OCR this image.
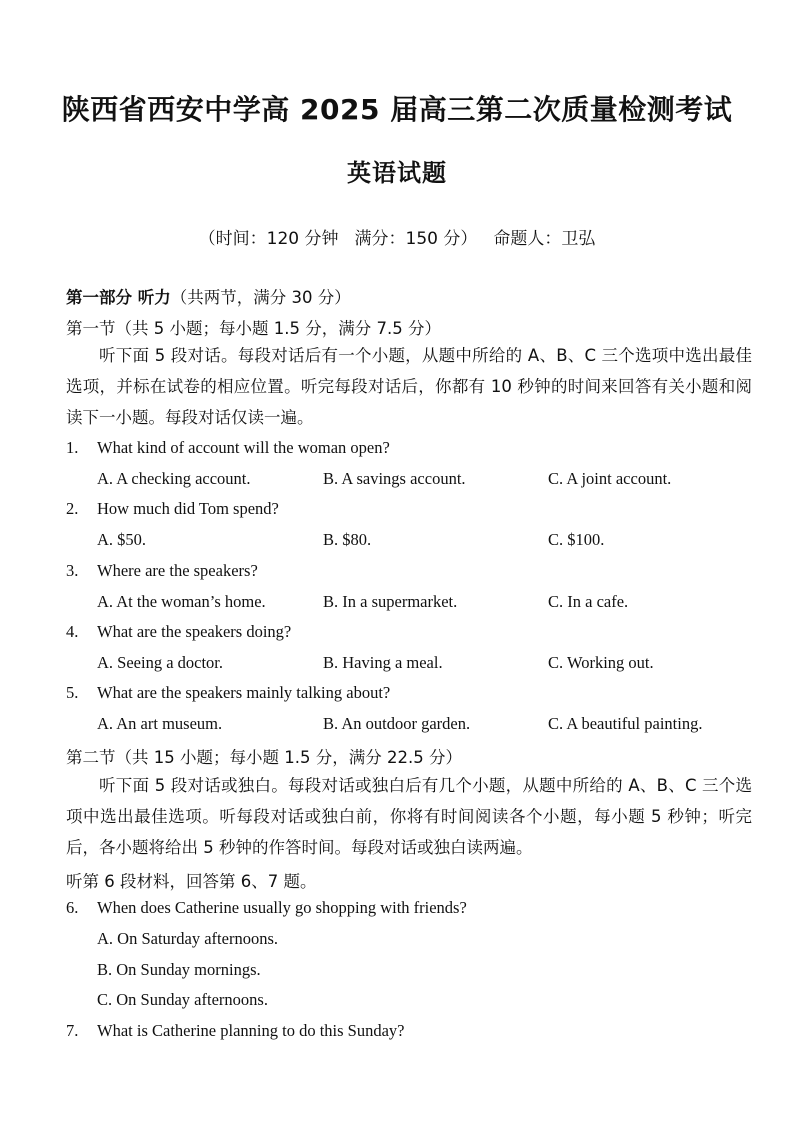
陕西省西安中学高 2025 届高三第二次质量检测考试
英语试题
（时间：120 分钟 满分：150 分） 命题人：卫弘
第一部分 听力（共两节，满分 30 分）
第一节（共 5 小题；每小题 1.5 分，满分 7.5 分）
听下面 5 段对话。每段对话后有一个小题，从题中所给的 A、B、C 三个选项中选出最佳选项，并标在试卷的相应位置。听完每段对话后，你都有 10 秒钟的时间来回答有关小题和阅读下一小题。每段对话仅读一遍。
1. What kind of account will the woman open?
A. A checking account.	B. A savings account.	C. A joint account.
2. How much did Tom spend?
A. $50.	B. $80.	C. $100.
3. Where are the speakers?
A. At the woman’s home.	B. In a supermarket.	C. In a cafe.
4. What are the speakers doing?
A. Seeing a doctor.	B. Having a meal.	C. Working out.
5. What are the speakers mainly talking about?
A. An art museum.	B. An outdoor garden.	C. A beautiful painting.
第二节（共 15 小题；每小题 1.5 分，满分 22.5 分）
听下面 5 段对话或独白。每段对话或独白后有几个小题，从题中所给的 A、B、C 三个选项中选出最佳选项。听每段对话或独白前，你将有时间阅读各个小题，每小题 5 秒钟；听完后，各小题将给出 5 秒钟的作答时间。每段对话或独白读两遍。
听第 6 段材料，回答第 6、7 题。
6. When does Catherine usually go shopping with friends?
A. On Saturday afternoons.
B. On Sunday mornings.
C. On Sunday afternoons.
7. What is Catherine planning to do this Sunday?
